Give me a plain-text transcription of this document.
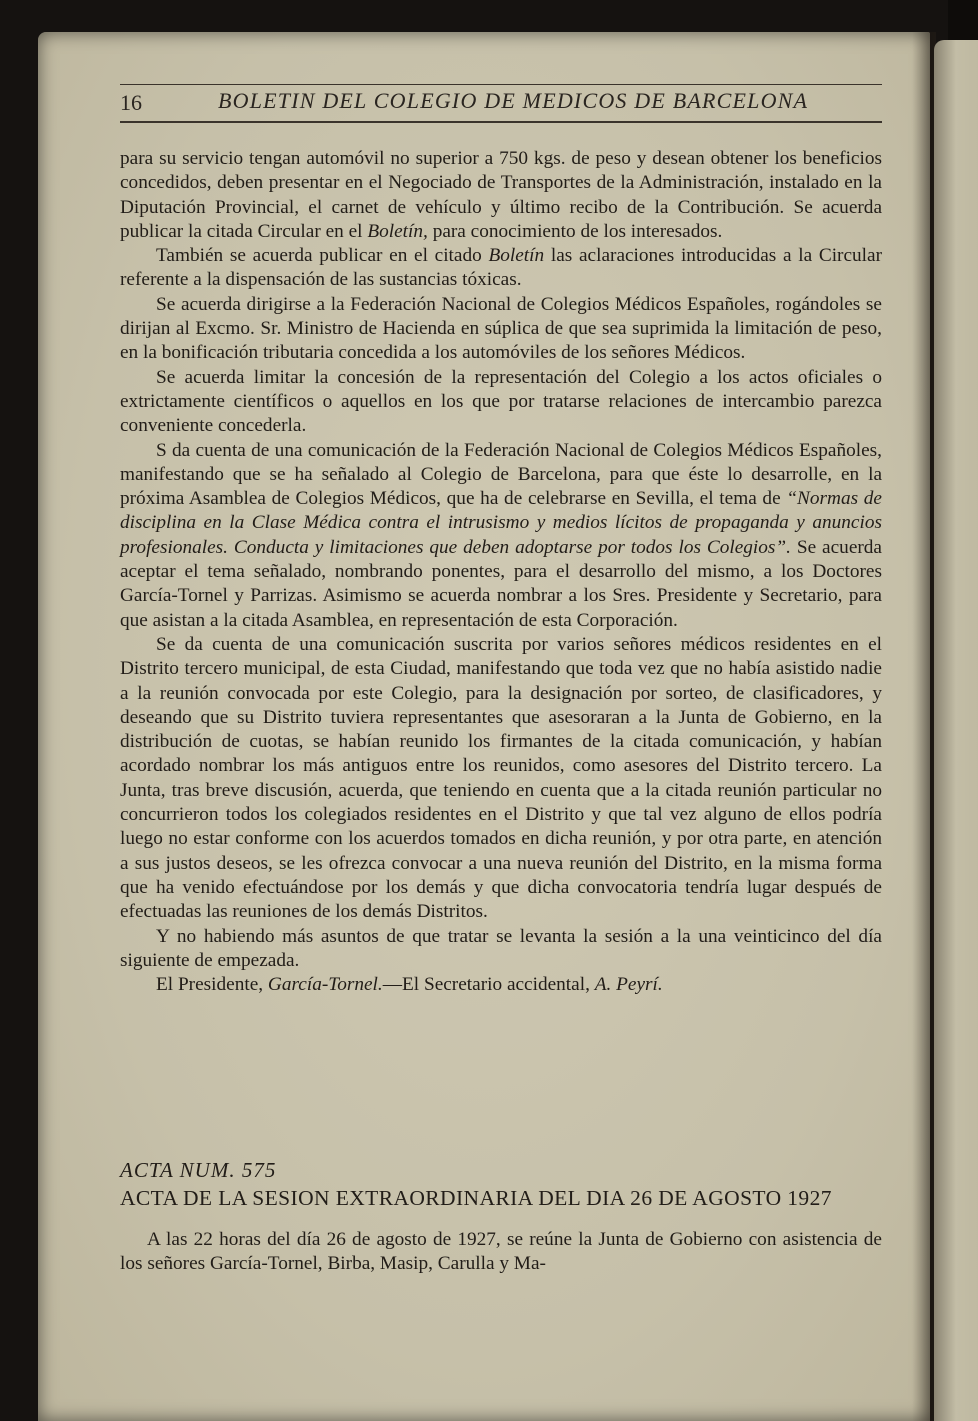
16	BOLETIN DEL COLEGIO DE MEDICOS DE BARCELONA

para su servicio tengan automóvil no superior a 750 kgs. de peso y desean obtener los beneficios concedidos, deben presentar en el Negociado de Transportes de la Administración, instalado en la Diputación Provincial, el carnet de vehículo y último recibo de la Contribución. Se acuerda publicar la citada Circular en el Boletín, para conocimiento de los interesados.

También se acuerda publicar en el citado Boletín las aclaraciones introducidas a la Circular referente a la dispensación de las sustancias tóxicas.

Se acuerda dirigirse a la Federación Nacional de Colegios Médicos Españoles, rogándoles se dirijan al Excmo. Sr. Ministro de Hacienda en súplica de que sea suprimida la limitación de peso, en la bonificación tributaria concedida a los automóviles de los señores Médicos.

Se acuerda limitar la concesión de la representación del Colegio a los actos oficiales o extrictamente científicos o aquellos en los que por tratarse relaciones de intercambio parezca conveniente concederla.

S da cuenta de una comunicación de la Federación Nacional de Colegios Médicos Españoles, manifestando que se ha señalado al Colegio de Barcelona, para que éste lo desarrolle, en la próxima Asamblea de Colegios Médicos, que ha de celebrarse en Sevilla, el tema de “Normas de disciplina en la Clase Médica contra el intrusismo y medios lícitos de propaganda y anuncios profesionales. Conducta y limitaciones que deben adoptarse por todos los Colegios”. Se acuerda aceptar el tema señalado, nombrando ponentes, para el desarrollo del mismo, a los Doctores García-Tornel y Parrizas. Asimismo se acuerda nombrar a los Sres. Presidente y Secretario, para que asistan a la citada Asamblea, en representación de esta Corporación.

Se da cuenta de una comunicación suscrita por varios señores médicos residentes en el Distrito tercero municipal, de esta Ciudad, manifestando que toda vez que no había asistido nadie a la reunión convocada por este Colegio, para la designación por sorteo, de clasificadores, y deseando que su Distrito tuviera representantes que asesoraran a la Junta de Gobierno, en la distribución de cuotas, se habían reunido los firmantes de la citada comunicación, y habían acordado nombrar los más antiguos entre los reunidos, como asesores del Distrito tercero. La Junta, tras breve discusión, acuerda, que teniendo en cuenta que a la citada reunión particular no concurrieron todos los colegiados residentes en el Distrito y que tal vez alguno de ellos podría luego no estar conforme con los acuerdos tomados en dicha reunión, y por otra parte, en atención a sus justos deseos, se les ofrezca convocar a una nueva reunión del Distrito, en la misma forma que ha venido efectuándose por los demás y que dicha convocatoria tendría lugar después de efectuadas las reuniones de los demás Distritos.

Y no habiendo más asuntos de que tratar se levanta la sesión a la una veinticinco del día siguiente de empezada.

El Presidente, García-Tornel.—El Secretario accidental, A. Peyrí.

ACTA NUM. 575
ACTA DE LA SESION EXTRAORDINARIA DEL DIA 26 DE AGOSTO 1927

A las 22 horas del día 26 de agosto de 1927, se reúne la Junta de Gobierno con asistencia de los señores García-Tornel, Birba, Masip, Carulla y Ma-
